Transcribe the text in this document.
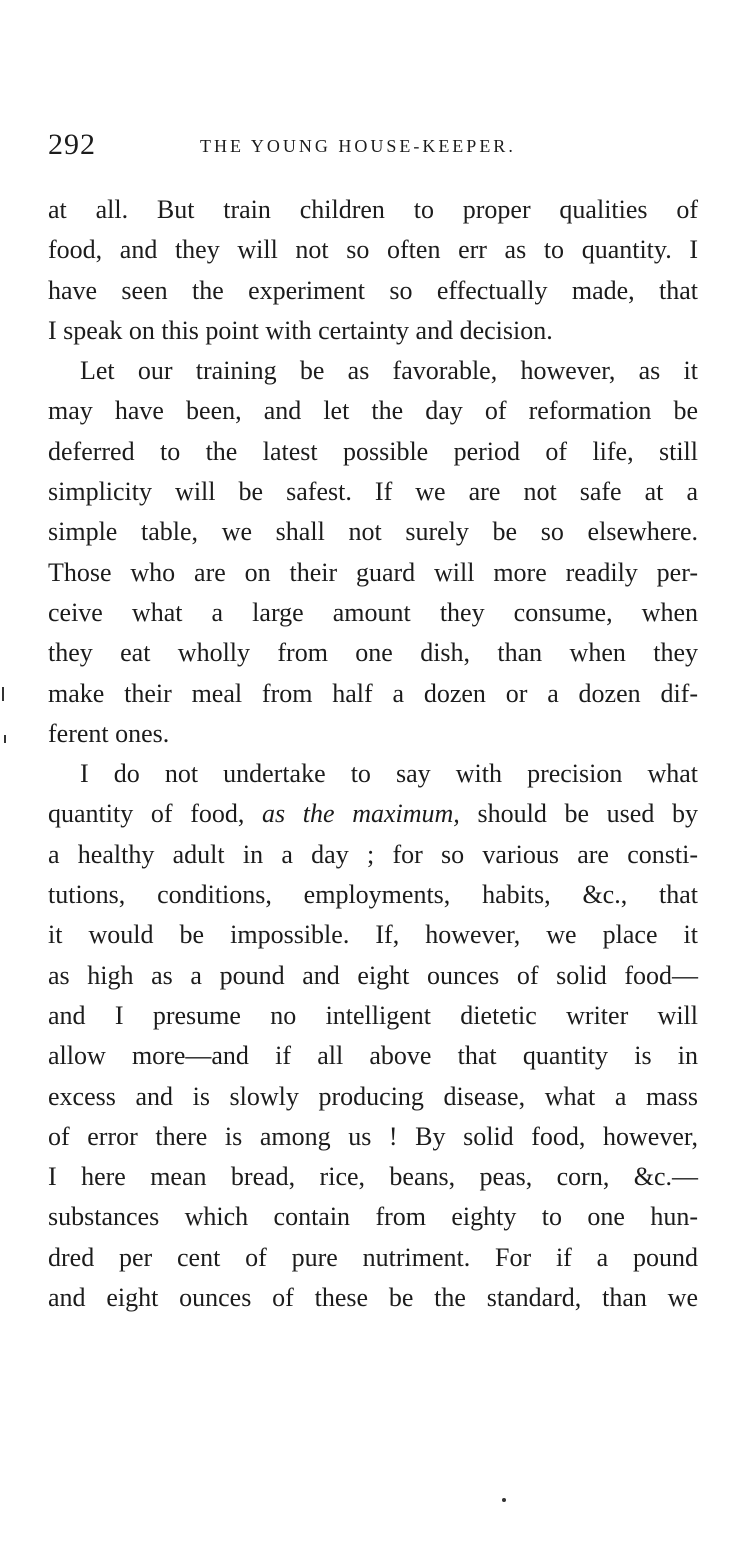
292	THE YOUNG HOUSE-KEEPER.
at all. But train children to proper qualities of
food, and they will not so often err as to quantity. I
have seen the experiment so effectually made, that
I speak on this point with certainty and decision.
Let our training be as favorable, however, as it
may have been, and let the day of reformation be
deferred to the latest possible period of life, still
simplicity will be safest. If we are not safe at a
simple table, we shall not surely be so elsewhere.
Those who are on their guard will more readily per-
ceive what a large amount they consume, when
they eat wholly from one dish, than when they
make their meal from half a dozen or a dozen dif-
ferent ones.
I do not undertake to say with precision what
quantity of food, as the maximum, should be used by
a healthy adult in a day ; for so various are consti-
tutions, conditions, employments, habits, &c., that
it would be impossible. If, however, we place it
as high as a pound and eight ounces of solid food—
and I presume no intelligent dietetic writer will
allow more—and if all above that quantity is in
excess and is slowly producing disease, what a mass
of error there is among us ! By solid food, however,
I here mean bread, rice, beans, peas, corn, &c.—
substances which contain from eighty to one hun-
dred per cent of pure nutriment. For if a pound
and eight ounces of these be the standard, than we
